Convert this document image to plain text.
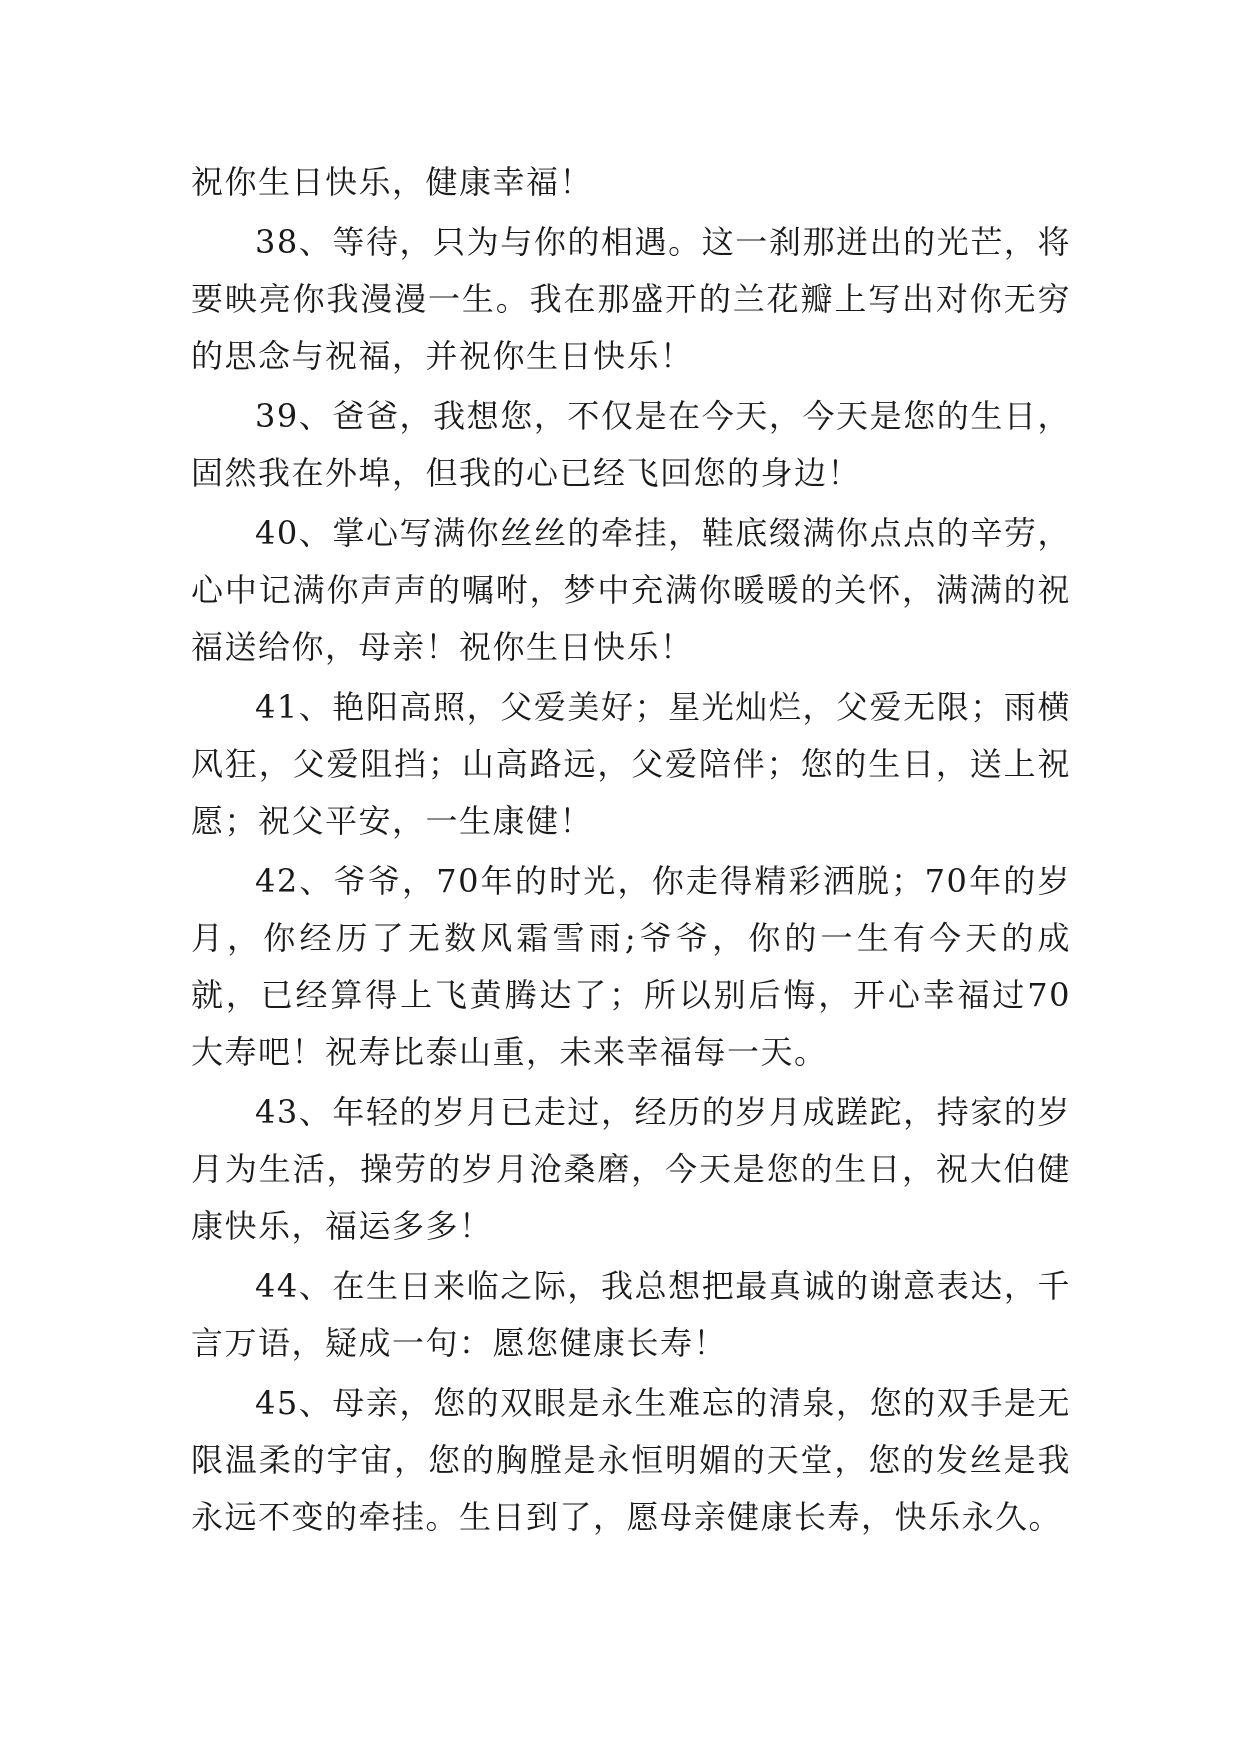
祝你生日快乐，健康幸福！

38、等待，只为与你的相遇。这一刹那迸出的光芒，将要映亮你我漫漫一生。我在那盛开的兰花瓣上写出对你无穷的思念与祝福，并祝你生日快乐！

39、爸爸，我想您，不仅是在今天，今天是您的生日，固然我在外埠，但我的心已经飞回您的身边！

40、掌心写满你丝丝的牵挂，鞋底缀满你点点的辛劳，心中记满你声声的嘱咐，梦中充满你暖暖的关怀，满满的祝福送给你，母亲！祝你生日快乐！

41、艳阳高照，父爱美好；星光灿烂，父爱无限；雨横风狂，父爱阻挡；山高路远，父爱陪伴；您的生日，送上祝愿；祝父平安，一生康健！

42、爷爷，70年的时光，你走得精彩洒脱；70年的岁月，你经历了无数风霜雪雨;爷爷，你的一生有今天的成就，已经算得上飞黄腾达了；所以别后悔，开心幸福过70大寿吧！祝寿比泰山重，未来幸福每一天。

43、年轻的岁月已走过，经历的岁月成蹉跎，持家的岁月为生活，操劳的岁月沧桑磨，今天是您的生日，祝大伯健康快乐，福运多多！

44、在生日来临之际，我总想把最真诚的谢意表达，千言万语，疑成一句：愿您健康长寿！

45、母亲，您的双眼是永生难忘的清泉，您的双手是无限温柔的宇宙，您的胸膛是永恒明媚的天堂，您的发丝是我永远不变的牵挂。生日到了，愿母亲健康长寿，快乐永久。
